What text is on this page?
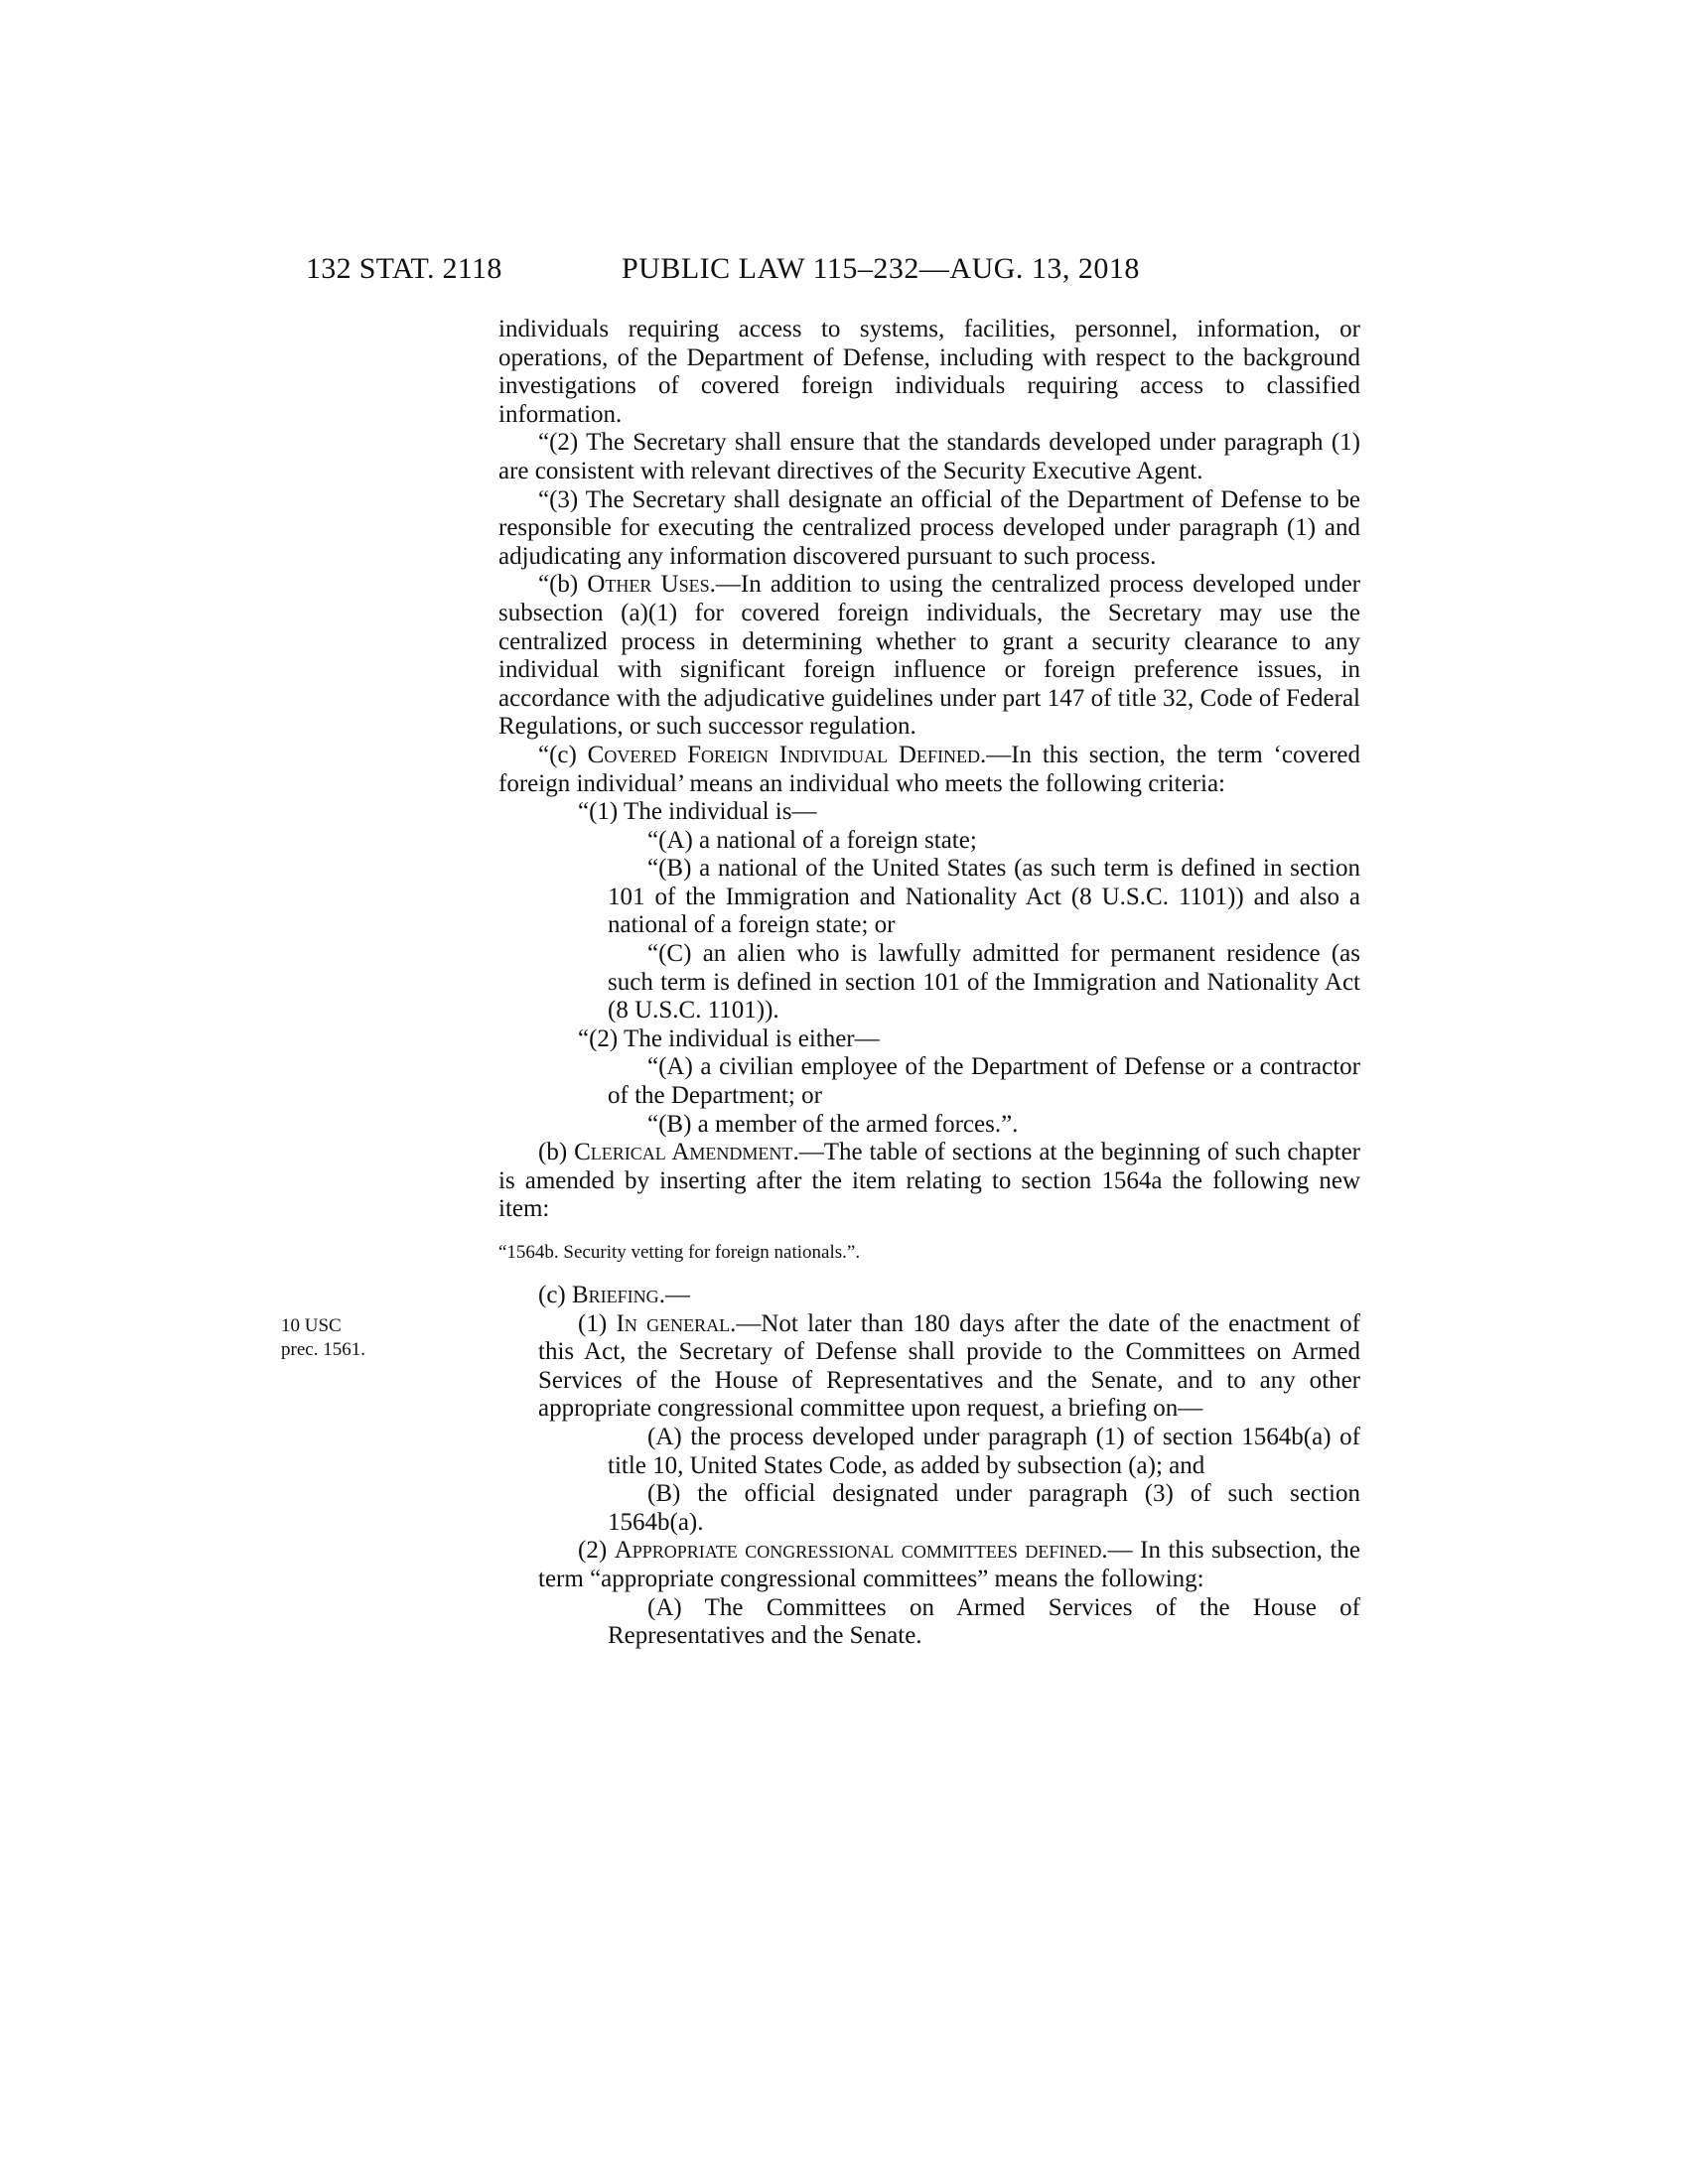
132 STAT. 2118	PUBLIC LAW 115–232—AUG. 13, 2018
10 USC
prec. 1561.

individuals requiring access to systems, facilities, personnel, information, or operations, of the Department of Defense, including with respect to the background investigations of covered foreign individuals requiring access to classified information.

“(2) The Secretary shall ensure that the standards developed under paragraph (1) are consistent with relevant directives of the Security Executive Agent.

“(3) The Secretary shall designate an official of the Department of Defense to be responsible for executing the centralized process developed under paragraph (1) and adjudicating any information discovered pursuant to such process.

“(b) Other Uses.—In addition to using the centralized process developed under subsection (a)(1) for covered foreign individuals, the Secretary may use the centralized process in determining whether to grant a security clearance to any individual with significant foreign influence or foreign preference issues, in accordance with the adjudicative guidelines under part 147 of title 32, Code of Federal Regulations, or such successor regulation.

“(c) Covered Foreign Individual Defined.—In this section, the term ‘covered foreign individual’ means an individual who meets the following criteria:

“(1) The individual is—

“(A) a national of a foreign state;

“(B) a national of the United States (as such term is defined in section 101 of the Immigration and Nationality Act (8 U.S.C. 1101)) and also a national of a foreign state; or

“(C) an alien who is lawfully admitted for permanent residence (as such term is defined in section 101 of the Immigration and Nationality Act (8 U.S.C. 1101)).

“(2) The individual is either—

“(A) a civilian employee of the Department of Defense or a contractor of the Department; or

“(B) a member of the armed forces.”.

(b) Clerical Amendment.—The table of sections at the beginning of such chapter is amended by inserting after the item relating to section 1564a the following new item:

“1564b. Security vetting for foreign nationals.”.

(c) Briefing.—

(1) In general.—Not later than 180 days after the date of the enactment of this Act, the Secretary of Defense shall provide to the Committees on Armed Services of the House of Representatives and the Senate, and to any other appropriate congressional committee upon request, a briefing on—

(A) the process developed under paragraph (1) of section 1564b(a) of title 10, United States Code, as added by subsection (a); and

(B) the official designated under paragraph (3) of such section 1564b(a).

(2) Appropriate congressional committees defined.— In this subsection, the term “appropriate congressional committees” means the following:

(A) The Committees on Armed Services of the House of Representatives and the Senate.
